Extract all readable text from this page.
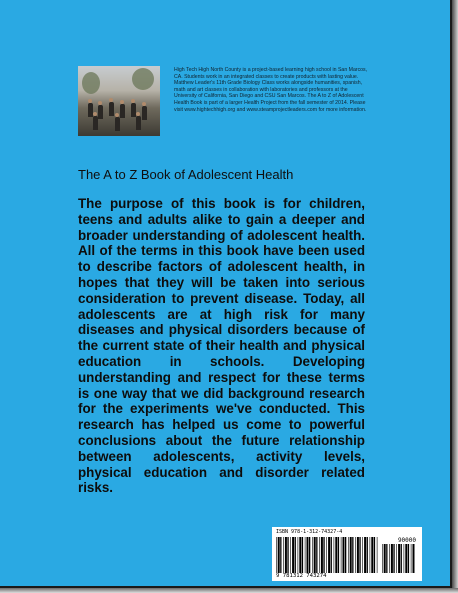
High Tech High North County is a project-based learning high school in San Marcos, CA. Students work in an integrated classes to create products with lasting value. Matthew Leader's 11th Grade Biology Class works alongside humanities, spanish, math and art classes in collaboration with laboratories and professors at the University of California, San Diego and CSU San Marcos. The A to Z of Adolescent Health Book is part of a larger Health Project from the fall semester of 2014. Please visit www.hightechhigh.org and www.steamprojectleaders.com for more information.
The A to Z Book of Adolescent Health

The purpose of this book is for children, teens and adults alike to gain a deeper and broader understanding of adolescent health. All of the terms in this book have been used to describe factors of adolescent health, in hopes that they will be taken into serious consideration to prevent disease. Today, all adolescents are at high risk for many diseases and physical disorders because of the current state of their health and physical education in schools. Developing understanding and respect for these terms is one way that we did background research for the experiments we've conducted. This research has helped us come to powerful conclusions about the future relationship between adolescents, activity levels, physical education and disorder related risks.

ISBN 978-1-312-74327-4
90000
9 781312 743274
